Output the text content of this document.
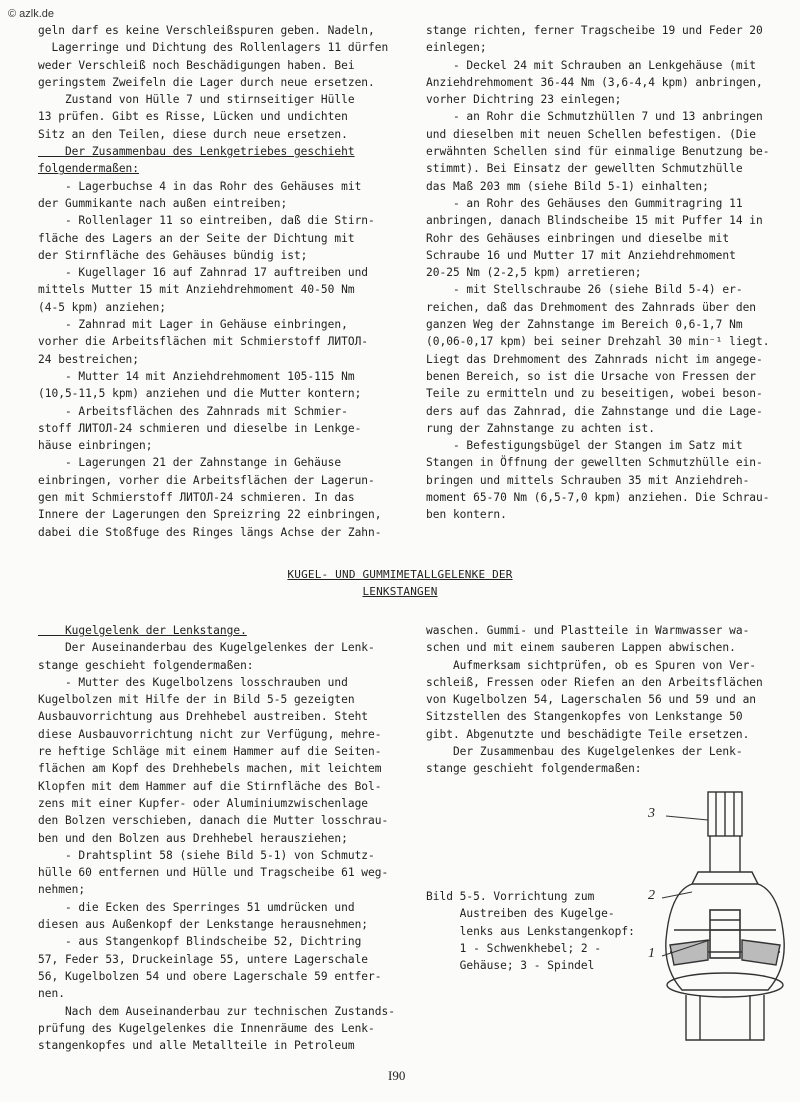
© azlk.de

geln darf es keine Verschleißspuren geben. Nadeln,

Lagerringe und Dichtung des Rollenlagers 11 dürfen

weder Verschleiß noch Beschädigungen haben. Bei

geringstem Zweifeln die Lager durch neue ersetzen.

Zustand von Hülle 7 und stirnseitiger Hülle

13 prüfen. Gibt es Risse, Lücken und undichten

Sitz an den Teilen, diese durch neue ersetzen.

Der Zusammenbau des Lenkgetriebes geschieht

folgendermaßen:

- Lagerbuchse 4 in das Rohr des Gehäuses mit

der Gummikante nach außen eintreiben;

- Rollenlager 11 so eintreiben, daß die Stirn-

fläche des Lagers an der Seite der Dichtung mit

der Stirnfläche des Gehäuses bündig ist;

- Kugellager 16 auf Zahnrad 17 auftreiben und

mittels Mutter 15 mit Anziehdrehmoment 40-50 Nm

(4-5 kpm) anziehen;

- Zahnrad mit Lager in Gehäuse einbringen,

vorher die Arbeitsflächen mit Schmierstoff ЛИТОЛ-

24 bestreichen;

- Mutter 14 mit Anziehdrehmoment 105-115 Nm

(10,5-11,5 kpm) anziehen und die Mutter kontern;

- Arbeitsflächen des Zahnrads mit Schmier-

stoff ЛИТОЛ-24 schmieren und dieselbe in Lenkge-

häuse einbringen;

- Lagerungen 21 der Zahnstange in Gehäuse

einbringen, vorher die Arbeitsflächen der Lagerun-

gen mit Schmierstoff ЛИТОЛ-24 schmieren. In das

Innere der Lagerungen den Spreizring 22 einbringen,

dabei die Stoßfuge des Ringes längs Achse der Zahn-

stange richten, ferner Tragscheibe 19 und Feder 20

einlegen;

- Deckel 24 mit Schrauben an Lenkgehäuse (mit

Anziehdrehmoment 36-44 Nm (3,6-4,4 kpm) anbringen,

vorher Dichtring 23 einlegen;

- an Rohr die Schmutzhüllen 7 und 13 anbringen

und dieselben mit neuen Schellen befestigen. (Die

erwähnten Schellen sind für einmalige Benutzung be-

stimmt). Bei Einsatz der gewellten Schmutzhülle

das Maß 203 mm (siehe Bild 5-1) einhalten;

- an Rohr des Gehäuses den Gummitragring 11

anbringen, danach Blindscheibe 15 mit Puffer 14 in

Rohr des Gehäuses einbringen und dieselbe mit

Schraube 16 und Mutter 17 mit Anziehdrehmoment

20-25 Nm (2-2,5 kpm) arretieren;

- mit Stellschraube 26 (siehe Bild 5-4) er-

reichen, daß das Drehmoment des Zahnrads über den

ganzen Weg der Zahnstange im Bereich 0,6-1,7 Nm

(0,06-0,17 kpm) bei seiner Drehzahl 30 min⁻¹ liegt.

Liegt das Drehmoment des Zahnrads nicht im angege-

benen Bereich, so ist die Ursache von Fressen der

Teile zu ermitteln und zu beseitigen, wobei beson-

ders auf das Zahnrad, die Zahnstange und die Lage-

rung der Zahnstange zu achten ist.

- Befestigungsbügel der Stangen im Satz mit

Stangen in Öffnung der gewellten Schmutzhülle ein-

bringen und mittels Schrauben 35 mit Anziehdreh-

moment 65-70 Nm (6,5-7,0 kpm) anziehen. Die Schrau-

ben kontern.

KUGEL- UND GUMMIMETALLGELENKE DER
LENKSTANGEN

Kugelgelenk der Lenkstange.

Der Auseinanderbau des Kugelgelenkes der Lenk-

stange geschieht folgendermaßen:

- Mutter des Kugelbolzens losschrauben und

Kugelbolzen mit Hilfe der in Bild 5-5 gezeigten

Ausbauvorrichtung aus Drehhebel austreiben. Steht

diese Ausbauvorrichtung nicht zur Verfügung, mehre-

re heftige Schläge mit einem Hammer auf die Seiten-

flächen am Kopf des Drehhebels machen, mit leichtem

Klopfen mit dem Hammer auf die Stirnfläche des Bol-

zens mit einer Kupfer- oder Aluminiumzwischenlage

den Bolzen verschieben, danach die Mutter losschrau-

ben und den Bolzen aus Drehhebel herausziehen;

- Drahtsplint 58 (siehe Bild 5-1) von Schmutz-

hülle 60 entfernen und Hülle und Tragscheibe 61 weg-

nehmen;

- die Ecken des Sperringes 51 umdrücken und

diesen aus Außenkopf der Lenkstange herausnehmen;

- aus Stangenkopf Blindscheibe 52, Dichtring

57, Feder 53, Druckeinlage 55, untere Lagerschale

56, Kugelbolzen 54 und obere Lagerschale 59 entfer-

nen.

Nach dem Auseinanderbau zur technischen Zustands-

prüfung des Kugelgelenkes die Innenräume des Lenk-

stangenkopfes und alle Metallteile in Petroleum

waschen. Gummi- und Plastteile in Warmwasser wa-

schen und mit einem sauberen Lappen abwischen.

Aufmerksam sichtprüfen, ob es Spuren von Ver-

schleiß, Fressen oder Riefen an den Arbeitsflächen

von Kugelbolzen 54, Lagerschalen 56 und 59 und an

Sitzstellen des Stangenkopfes von Lenkstange 50

gibt. Abgenutzte und beschädigte Teile ersetzen.

Der Zusammenbau des Kugelgelenkes der Lenk-

stange geschieht folgendermaßen:

Bild 5-5. Vorrichtung zum

Austreiben des Kugelge-

lenks aus Lenkstangenkopf:

1 - Schwenkhebel; 2 -

Gehäuse; 3 - Spindel

3
2
1
I90
